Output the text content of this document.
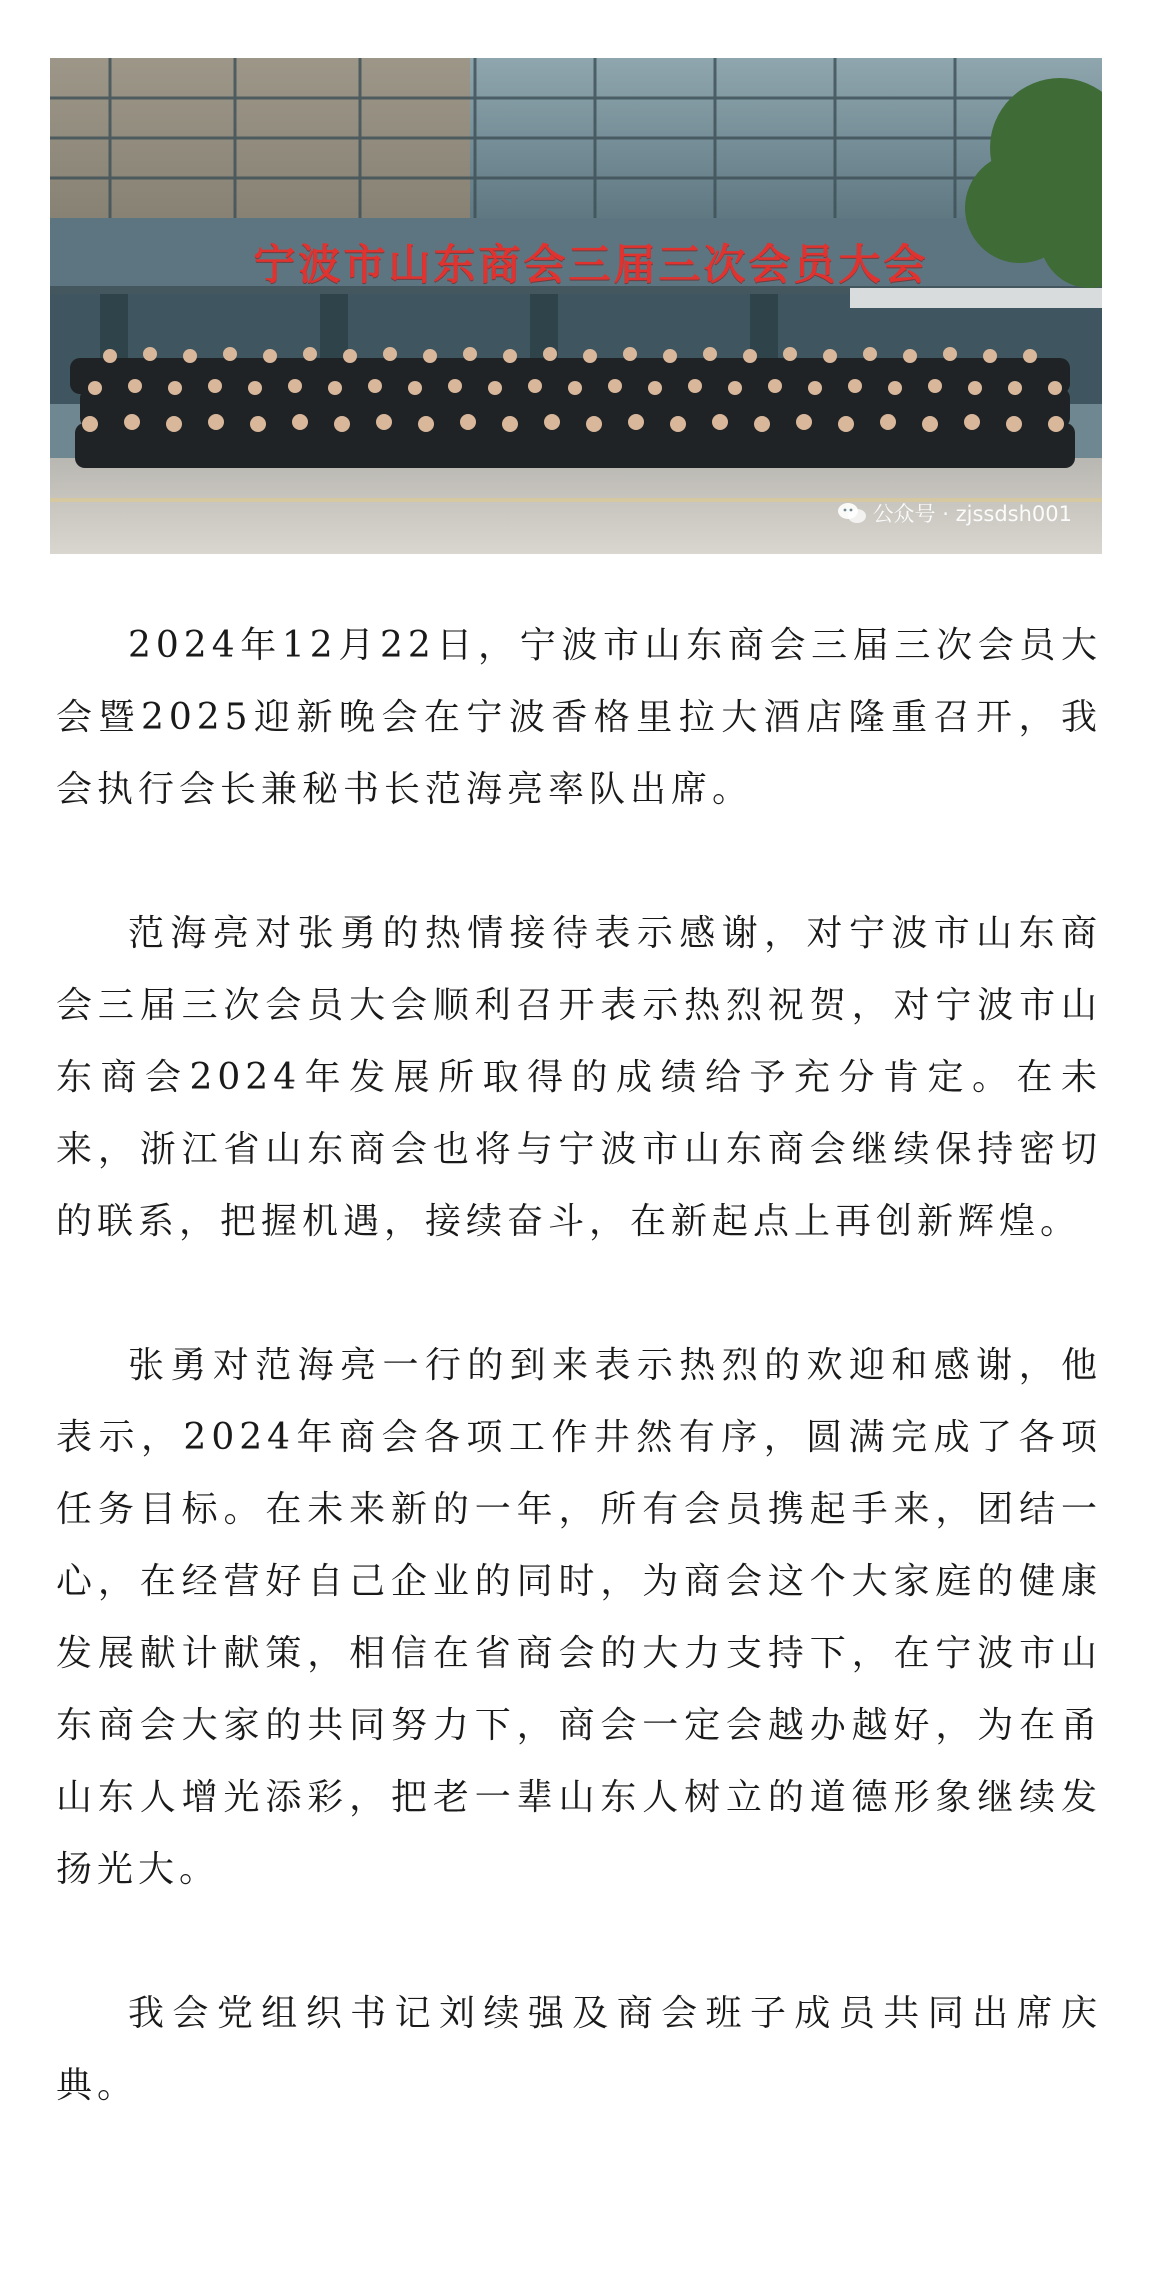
宁波市山东商会三届三次会员大会
公众号 · zjssdsh001

2024年12月22日，宁波市山东商会三届三次会员大会暨2025迎新晚会在宁波香格里拉大酒店隆重召开，我会执行会长兼秘书长范海亮率队出席。

范海亮对张勇的热情接待表示感谢，对宁波市山东商会三届三次会员大会顺利召开表示热烈祝贺，对宁波市山东商会2024年发展所取得的成绩给予充分肯定。在未来，浙江省山东商会也将与宁波市山东商会继续保持密切的联系，把握机遇，接续奋斗，在新起点上再创新辉煌。

张勇对范海亮一行的到来表示热烈的欢迎和感谢，他表示，2024年商会各项工作井然有序，圆满完成了各项任务目标。在未来新的一年，所有会员携起手来，团结一心，在经营好自己企业的同时，为商会这个大家庭的健康发展献计献策，相信在省商会的大力支持下，在宁波市山东商会大家的共同努力下，商会一定会越办越好，为在甬山东人增光添彩，把老一辈山东人树立的道德形象继续发扬光大。

我会党组织书记刘续强及商会班子成员共同出席庆典。
